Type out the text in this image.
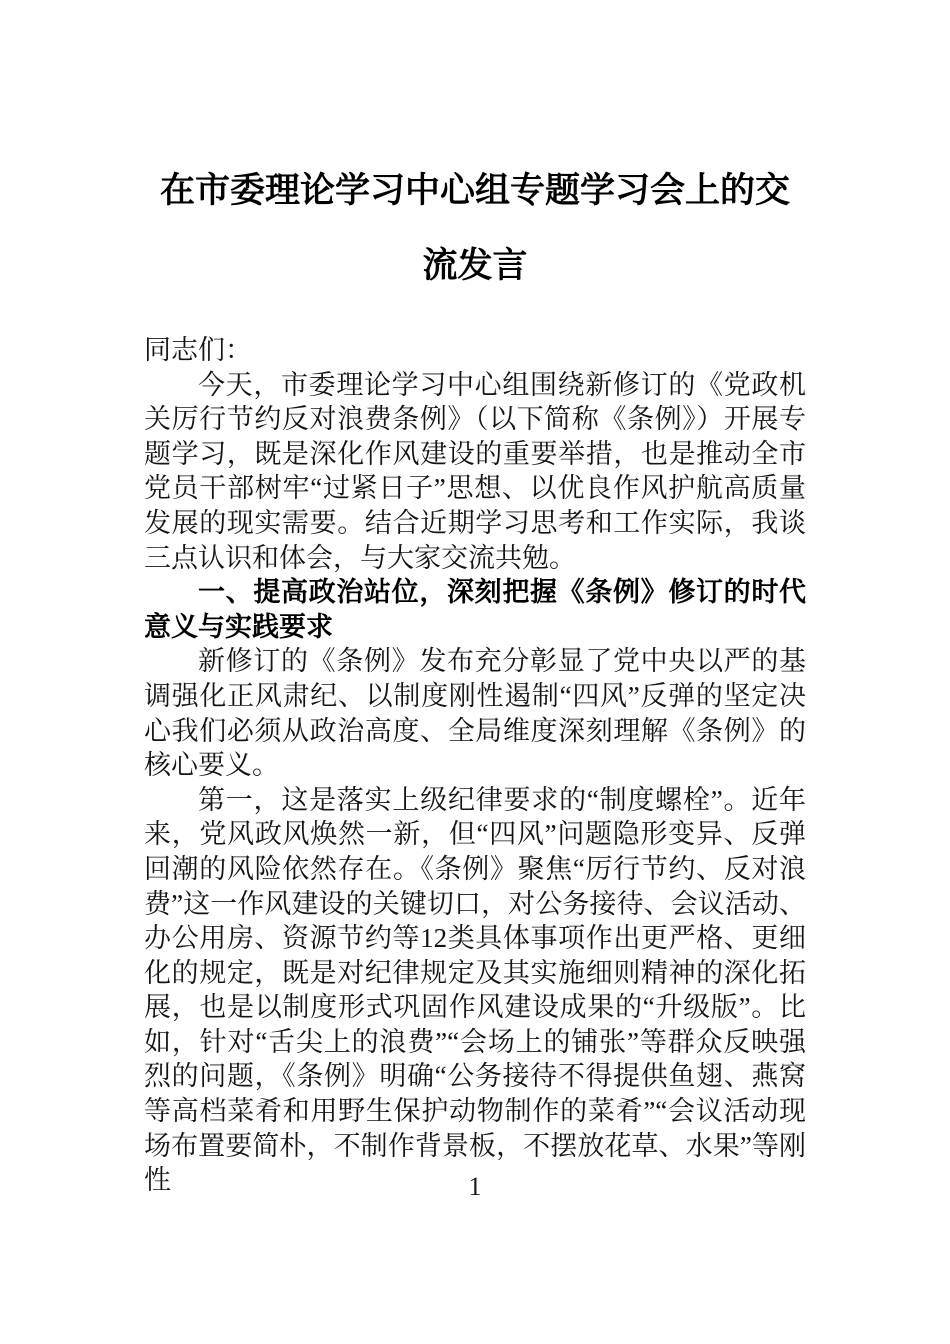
在市委理论学习中心组专题学习会上的交流发言

同志们：

今天，市委理论学习中心组围绕新修订的《党政机关厉行节约反对浪费条例》（以下简称《条例》）开展专题学习，既是深化作风建设的重要举措，也是推动全市党员干部树牢“过紧日子”思想、以优良作风护航高质量发展的现实需要。结合近期学习思考和工作实际，我谈三点认识和体会，与大家交流共勉。

一、提高政治站位，深刻把握《条例》修订的时代意义与实践要求

新修订的《条例》发布充分彰显了党中央以严的基调强化正风肃纪、以制度刚性遏制“四风”反弹的坚定决心我们必须从政治高度、全局维度深刻理解《条例》的核心要义。

第一，这是落实上级纪律要求的“制度螺栓”。近年来，党风政风焕然一新，但“四风”问题隐形变异、反弹回潮的风险依然存在。《条例》聚焦“厉行节约、反对浪费”这一作风建设的关键切口，对公务接待、会议活动、办公用房、资源节约等12类具体事项作出更严格、更细化的规定，既是对纪律规定及其实施细则精神的深化拓展，也是以制度形式巩固作风建设成果的“升级版”。比如，针对“舌尖上的浪费”“会场上的铺张”等群众反映强烈的问题，《条例》明确“公务接待不得提供鱼翅、燕窝等高档菜肴和用野生保护动物制作的菜肴”“会议活动现场布置要简朴，不制作背景板，不摆放花草、水果”等刚性	1
